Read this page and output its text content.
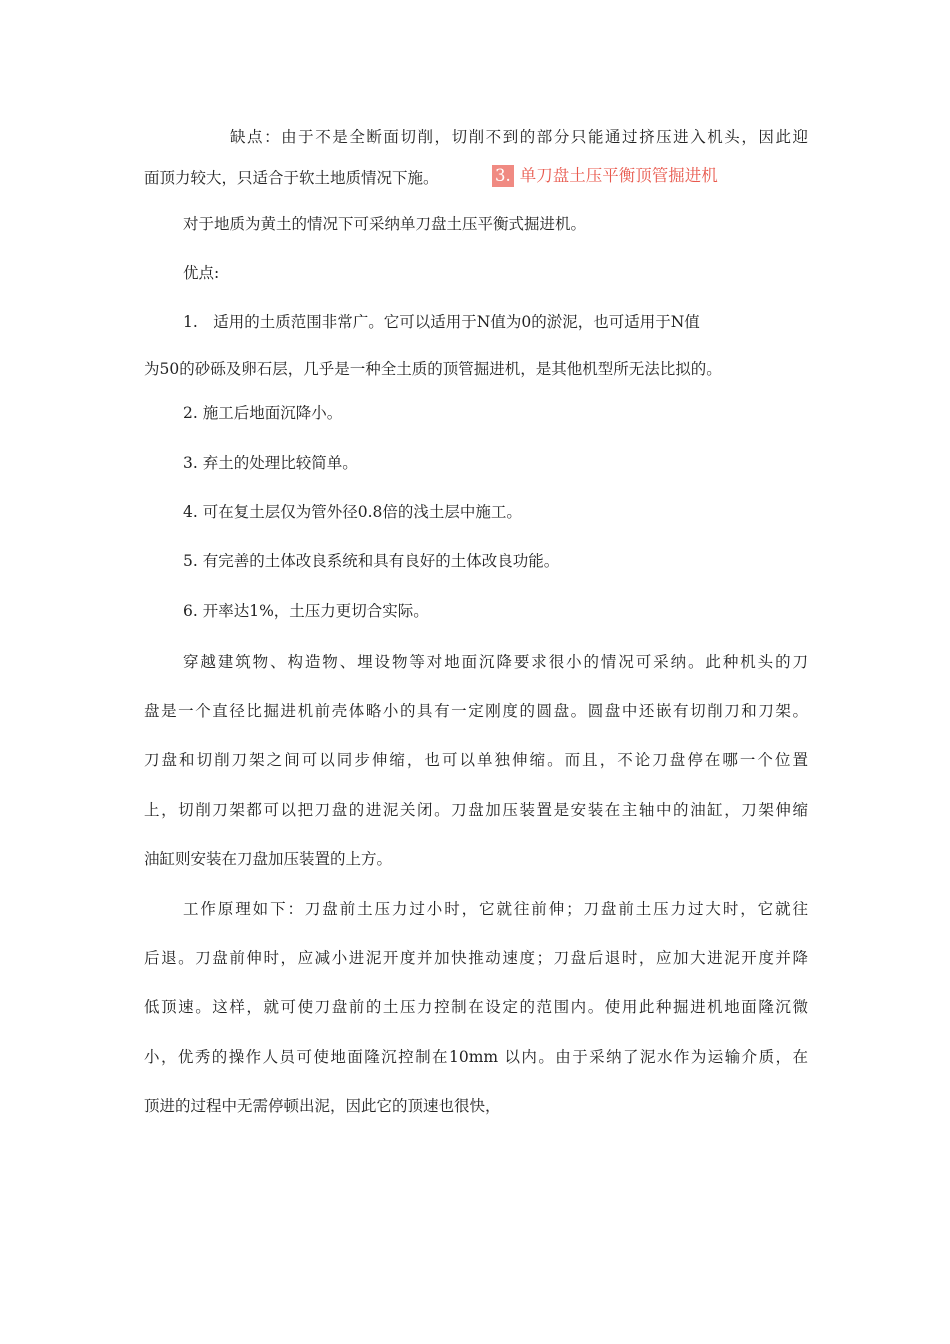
缺点：由于不是全断面切削，切削不到的部分只能通过挤压进入机头，因此迎
面顶力较大，只适合于软土地质情况下施。	3. 单刀盘土压平衡顶管掘进机
对于地质为黄土的情况下可采纳单刀盘土压平衡式掘进机。
优点:
1.　适用的土质范围非常广。它可以适用于N值为0的淤泥，也可适用于N值
为50的砂砾及卵石层，几乎是一种全土质的顶管掘进机，是其他机型所无法比拟的。
2. 施工后地面沉降小。
3. 弃土的处理比较简单。
4. 可在复土层仅为管外径0.8倍的浅土层中施工。
5. 有完善的土体改良系统和具有良好的土体改良功能。
6. 开率达1%，土压力更切合实际。
穿越建筑物、构造物、埋设物等对地面沉降要求很小的情况可采纳。此种机头的刀
盘是一个直径比掘进机前壳体略小的具有一定刚度的圆盘。圆盘中还嵌有切削刀和刀架。
刀盘和切削刀架之间可以同步伸缩，也可以单独伸缩。而且，不论刀盘停在哪一个位置
上，切削刀架都可以把刀盘的进泥关闭。刀盘加压装置是安装在主轴中的油缸，刀架伸缩
油缸则安装在刀盘加压装置的上方。
工作原理如下：刀盘前土压力过小时，它就往前伸；刀盘前土压力过大时，它就往
后退。刀盘前伸时，应减小进泥开度并加快推动速度；刀盘后退时，应加大进泥开度并降
低顶速。这样，就可使刀盘前的土压力控制在设定的范围内。使用此种掘进机地面隆沉微
小，优秀的操作人员可使地面隆沉控制在10mm 以内。由于采纳了泥水作为运输介质，在
顶进的过程中无需停顿出泥，因此它的顶速也很快，
